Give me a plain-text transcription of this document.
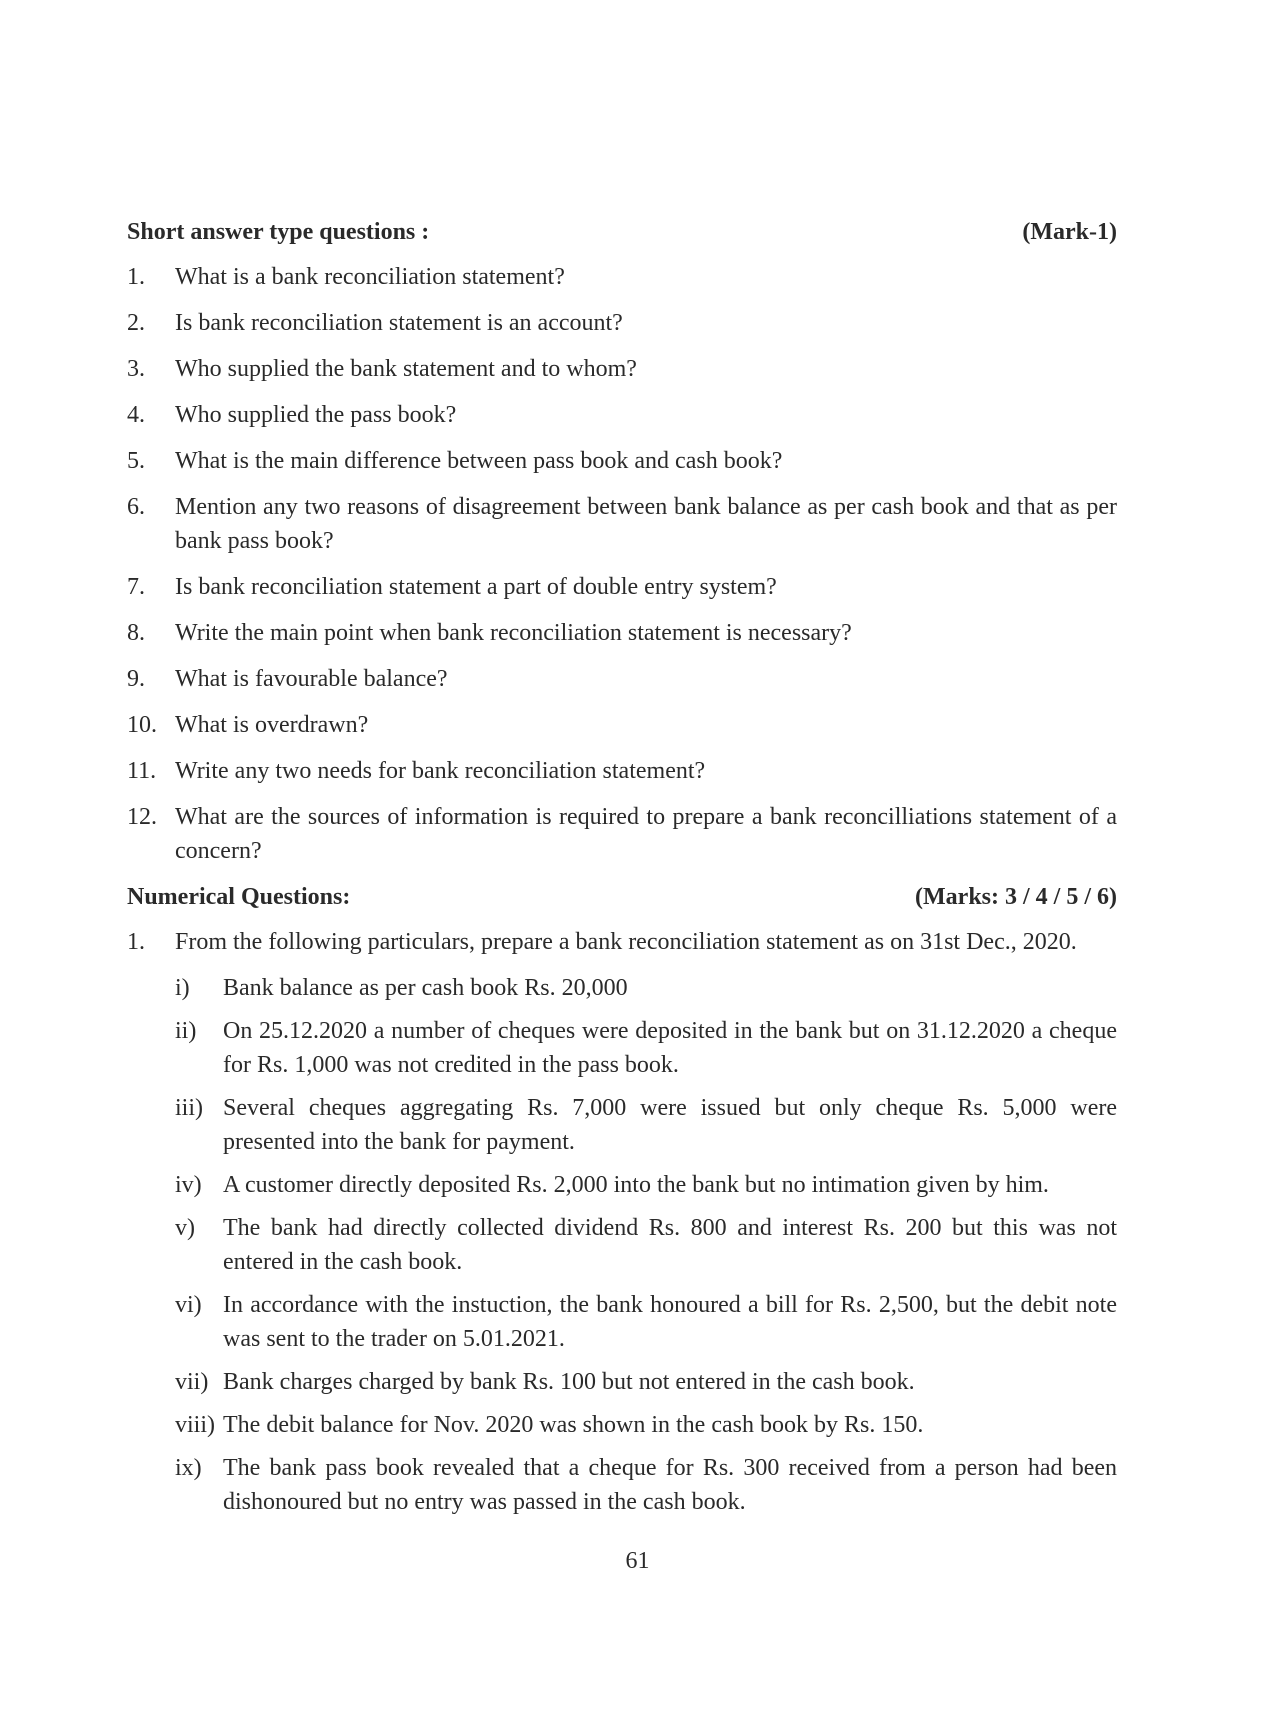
Short answer type questions :	(Mark-1)
1.	What is a bank reconciliation statement?
2.	Is bank reconciliation statement is an account?
3.	Who supplied the bank statement and to whom?
4.	Who supplied the pass book?
5.	What is the main difference between pass book and cash book?
6.	Mention any two reasons of disagreement between bank balance as per cash book and that as per bank pass book?
7.	Is bank reconciliation statement a part of double entry system?
8.	Write the main point when bank reconciliation statement is necessary?
9.	What is favourable balance?
10. What is overdrawn?
11. Write any two needs for bank reconciliation statement?
12. What are the sources of information is required to prepare a bank reconcilliations statement of a concern?
Numerical Questions:	(Marks: 3 / 4 / 5 / 6)
1.	From the following particulars, prepare a bank reconciliation statement as on 31st Dec., 2020.
i)	Bank balance as per cash book Rs. 20,000
ii)	On 25.12.2020 a number of cheques were deposited in the bank but on 31.12.2020 a cheque for Rs. 1,000 was not credited in the pass book.
iii) Several cheques aggregating Rs. 7,000 were issued but only cheque Rs. 5,000 were presented into the bank for payment.
iv) A customer directly deposited Rs. 2,000 into the bank but no intimation given by him.
v)	The bank had directly collected dividend Rs. 800 and interest Rs. 200 but this was not entered in the cash book.
vi) In accordance with the instuction, the bank honoured a bill for Rs. 2,500, but the debit note was sent to the trader on 5.01.2021.
vii) Bank charges charged by bank Rs. 100 but not entered in the cash book.
viii) The debit balance for Nov. 2020 was shown in the cash book by Rs. 150.
ix) The bank pass book revealed that a cheque for Rs. 300 received from a person had been dishonoured but no entry was passed in the cash book.
61
